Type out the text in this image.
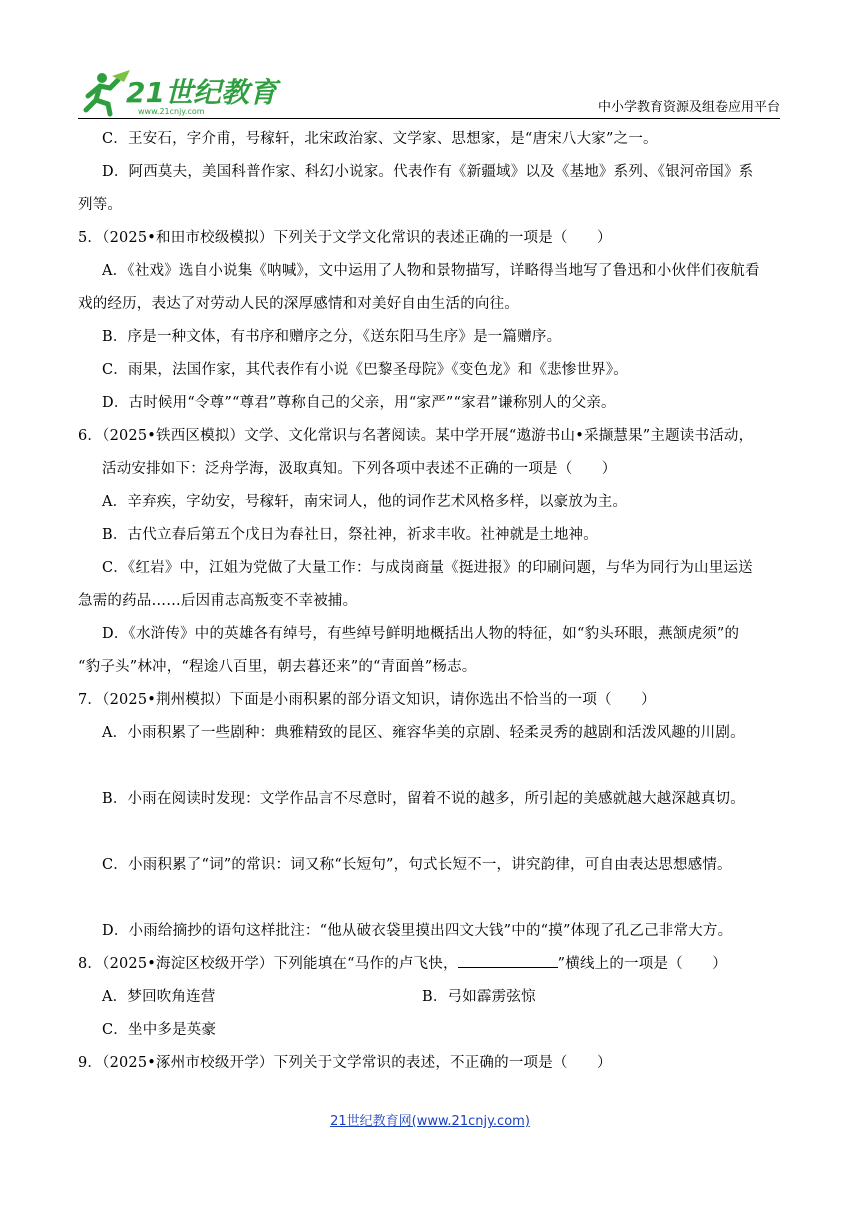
21世纪教育
www.21cnjy.com	中小学教育资源及组卷应用平台

C．王安石，字介甫，号稼轩，北宋政治家、文学家、思想家，是“唐宋八大家”之一。

D．阿西莫夫，美国科普作家、科幻小说家。代表作有《新疆域》以及《基地》系列、《银河帝国》系

列等。

5．（2025•和田市校级模拟）下列关于文学文化常识的表述正确的一项是（　　）

A．《社戏》选自小说集《呐喊》，文中运用了人物和景物描写，详略得当地写了鲁迅和小伙伴们夜航看

戏的经历，表达了对劳动人民的深厚感情和对美好自由生活的向往。

B．序是一种文体，有书序和赠序之分，《送东阳马生序》是一篇赠序。

C．雨果，法国作家，其代表作有小说《巴黎圣母院》《变色龙》和《悲惨世界》。

D．古时候用“令尊”“尊君”尊称自己的父亲，用“家严”“家君”谦称别人的父亲。

6．（2025•铁西区模拟）文学、文化常识与名著阅读。某中学开展“遨游书山•采撷慧果”主题读书活动，

活动安排如下：泛舟学海，汲取真知。下列各项中表述不正确的一项是（　　）

A．辛弃疾，字幼安，号稼轩，南宋词人，他的词作艺术风格多样，以豪放为主。

B．古代立春后第五个戊日为春社日，祭社神，祈求丰收。社神就是土地神。

C．《红岩》中，江姐为党做了大量工作：与成岗商量《挺进报》的印刷问题，与华为同行为山里运送

急需的药品……后因甫志高叛变不幸被捕。

D．《水浒传》中的英雄各有绰号，有些绰号鲜明地概括出人物的特征，如“豹头环眼，燕颔虎须”的

“豹子头”林冲，“程途八百里，朝去暮还来”的“青面兽”杨志。

7．（2025•荆州模拟）下面是小雨积累的部分语文知识，请你选出不恰当的一项（　　）

A．小雨积累了一些剧种：典雅精致的昆区、雍容华美的京剧、轻柔灵秀的越剧和活泼风趣的川剧。

B．小雨在阅读时发现：文学作品言不尽意时，留着不说的越多，所引起的美感就越大越深越真切。

C．小雨积累了“词”的常识：词又称“长短句”，句式长短不一，讲究韵律，可自由表达思想感情。

D．小雨给摘抄的语句这样批注：“他从破衣袋里摸出四文大钱”中的“摸”体现了孔乙己非常大方。

8．（2025•海淀区校级开学）下列能填在“马作的卢飞快，	”横线上的一项是（　　）

A．梦回吹角连营	B．弓如霹雳弦惊

C．坐中多是英豪

9．（2025•涿州市校级开学）下列关于文学常识的表述，不正确的一项是（　　）

21世纪教育网(www.21cnjy.com)
